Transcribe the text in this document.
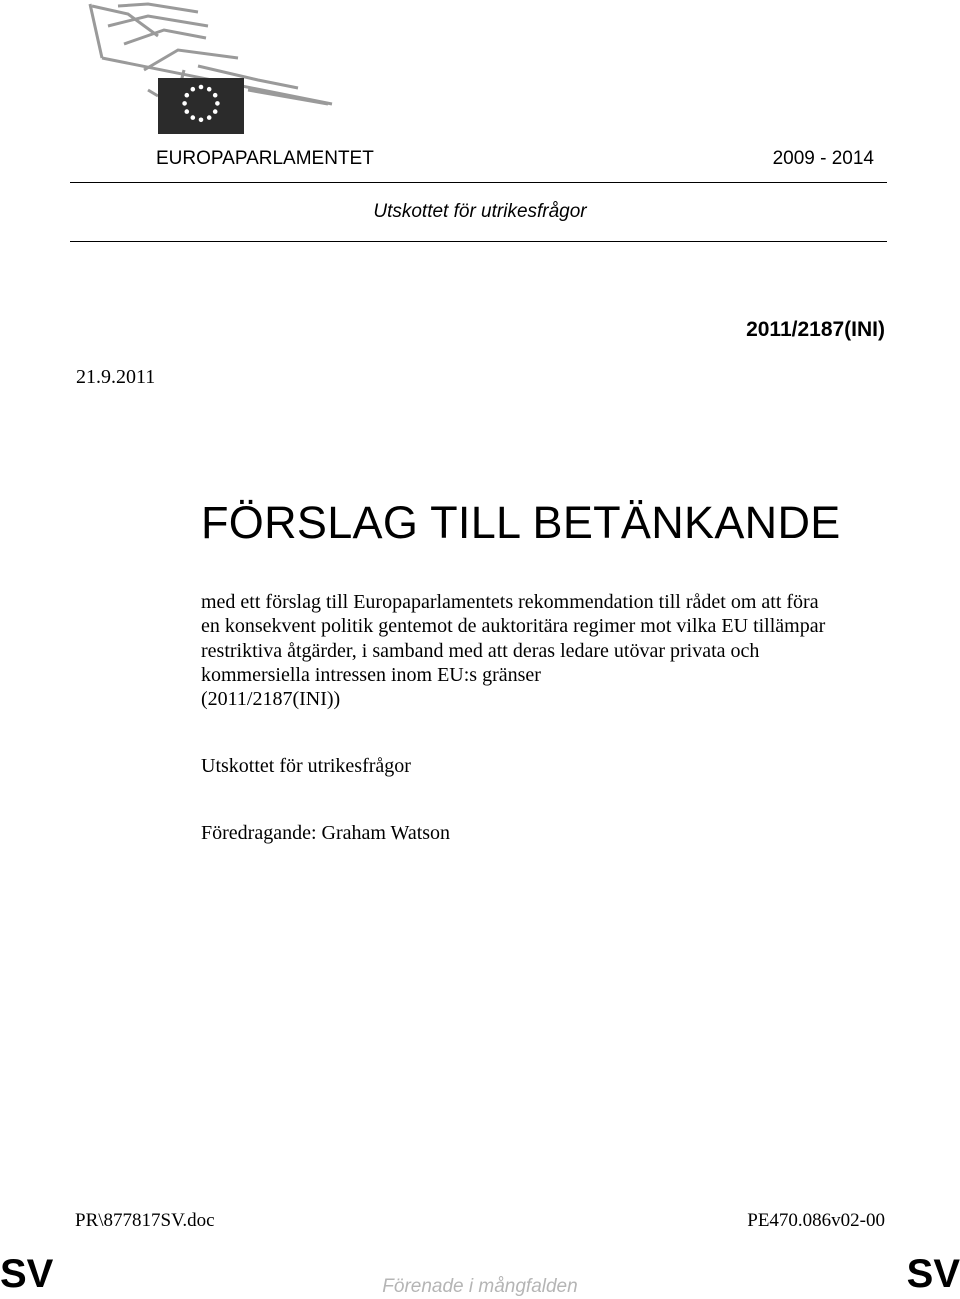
EUROPAPARLAMENTET	2009 - 2014
Utskottet för utrikesfrågor
2011/2187(INI)
21.9.2011
FÖRSLAG TILL BETÄNKANDE
med ett förslag till Europaparlamentets rekommendation till rådet om att föra
en konsekvent politik gentemot de auktoritära regimer mot vilka EU tillämpar
restriktiva åtgärder, i samband med att deras ledare utövar privata och
kommersiella intressen inom EU:s gränser
(2011/2187(INI))
Utskottet för utrikesfrågor
Föredragande: Graham Watson
PR\877817SV.doc	PE470.086v02-00
SV	Förenade i mångfalden	SV
